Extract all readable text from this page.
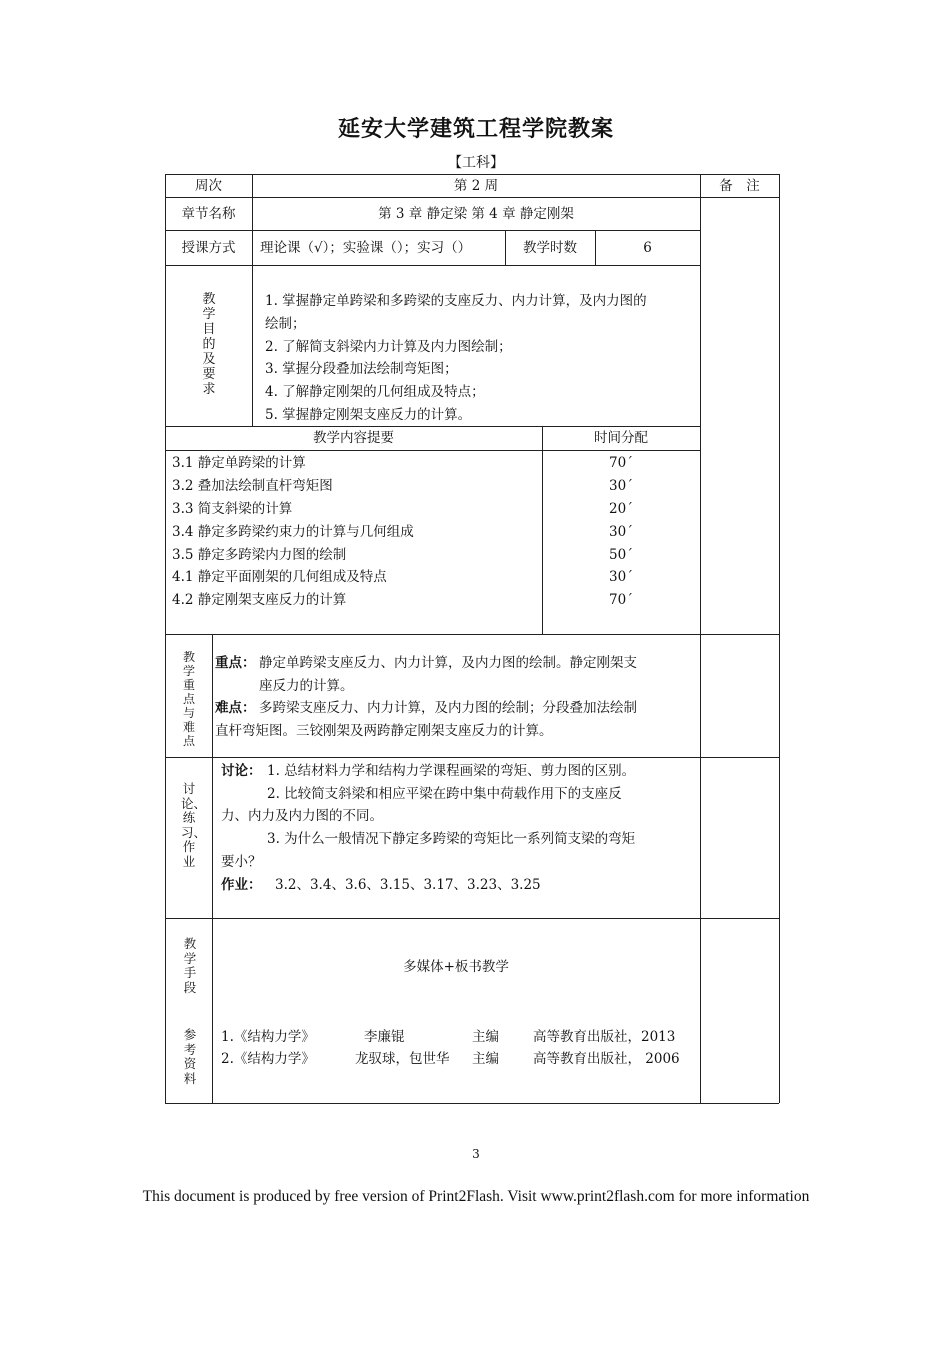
延安大学建筑工程学院教案
【工科】
周次	第 2 周	备　注
章节名称	第 3 章 静定梁 第 4 章 静定刚架
授课方式	理论课（√）；实验课（）；实习（）	教学时数	6
教学目的及要求
1. 掌握静定单跨梁和多跨梁的支座反力、内力计算，及内力图的
绘制；
2. 了解简支斜梁内力计算及内力图绘制；
3. 掌握分段叠加法绘制弯矩图；
4. 了解静定刚架的几何组成及特点；
5. 掌握静定刚架支座反力的计算。
教学内容提要	时间分配
3.1 静定单跨梁的计算	70´
3.2 叠加法绘制直杆弯矩图	30´
3.3 简支斜梁的计算	20´
3.4 静定多跨梁约束力的计算与几何组成	30´
3.5 静定多跨梁内力图的绘制	50´
4.1 静定平面刚架的几何组成及特点	30´
4.2 静定刚架支座反力的计算	70´
教学重点与难点
重点： 静定单跨梁支座反力、内力计算，及内力图的绘制。静定刚架支
座反力的计算。
难点： 多跨梁支座反力、内力计算，及内力图的绘制；分段叠加法绘制
直杆弯矩图。三铰刚架及两跨静定刚架支座反力的计算。
讨论、练习、作业
讨论： 1. 总结材料力学和结构力学课程画梁的弯矩、剪力图的区别。
2. 比较简支斜梁和相应平梁在跨中集中荷载作用下的支座反
力、内力及内力图的不同。
3. 为什么一般情况下静定多跨梁的弯矩比一系列简支梁的弯矩
要小？
作业： 3.2、3.4、3.6、3.15、3.17、3.23、3.25
教学手段
多媒体+板书教学
参考资料
1.《结构力学》	李廉锟	主编	高等教育出版社，2013
2.《结构力学》	龙驭球，包世华 主编	高等教育出版社， 2006
3
This document is produced by free version of Print2Flash. Visit www.print2flash.com for more information
